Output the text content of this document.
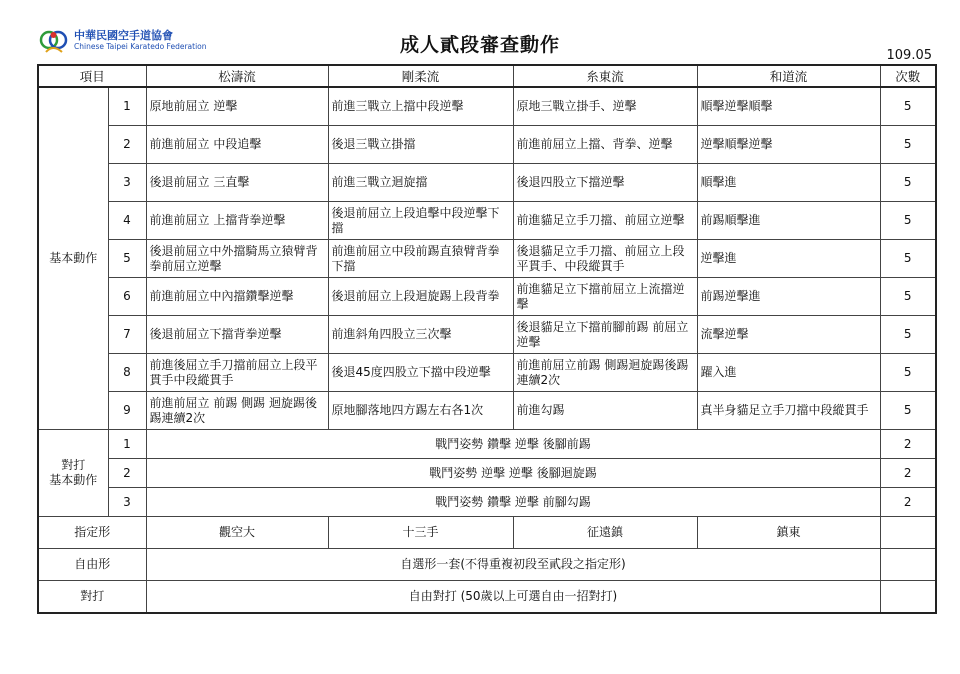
中華民國空手道協會
Chinese Taipei Karatedo Federation	成人貳段審查動作	109.05
項目		松濤流	剛柔流	糸東流	和道流	次數
基本動作	1	原地前屈立 逆擊	前進三戰立上擋中段逆擊	原地三戰立掛手、逆擊	順擊逆擊順擊	5
	2	前進前屈立 中段追擊	後退三戰立掛擋	前進前屈立上擋、背拳、逆擊	逆擊順擊逆擊	5
	3	後退前屈立 三直擊	前進三戰立迴旋擋	後退四股立下擋逆擊	順擊進	5
	4	前進前屈立 上擋背拳逆擊	後退前屈立上段追擊中段逆擊下擋	前進貓足立手刀擋、前屈立逆擊	前踢順擊進	5
	5	後退前屈立中外擋騎馬立猿臂背拳前屈立逆擊	前進前屈立中段前踢直猿臂背拳下擋	後退貓足立手刀擋、前屈立上段平貫手、中段縱貫手	逆擊進	5
	6	前進前屈立中內擋鑽擊逆擊	後退前屈立上段迴旋踢上段背拳	前進貓足立下擋前屈立上流擋逆擊	前踢逆擊進	5
	7	後退前屈立下擋背拳逆擊	前進斜角四股立三次擊	後退貓足立下擋前腳前踢 前屈立逆擊	流擊逆擊	5
	8	前進後屈立手刀擋前屈立上段平貫手中段縱貫手	後退45度四股立下擋中段逆擊	前進前屈立前踢 側踢迴旋踢後踢連續2次	躍入進	5
	9	前進前屈立 前踢 側踢 迴旋踢後踢連續2次	原地腳落地四方踢左右各1次	前進勾踢	真半身貓足立手刀擋中段縱貫手	5
對打
基本動作	1	戰鬥姿勢 鑽擊 逆擊 後腳前踢				2
	2	戰鬥姿勢 逆擊 逆擊 後腳迴旋踢				2
	3	戰鬥姿勢 鑽擊 逆擊 前腳勾踢				2
指定形		觀空大	十三手	征遠鎮	鎮東	
自由形		自選形一套(不得重複初段至貳段之指定形)				
對打		自由對打 (50歲以上可選自由一招對打)				
